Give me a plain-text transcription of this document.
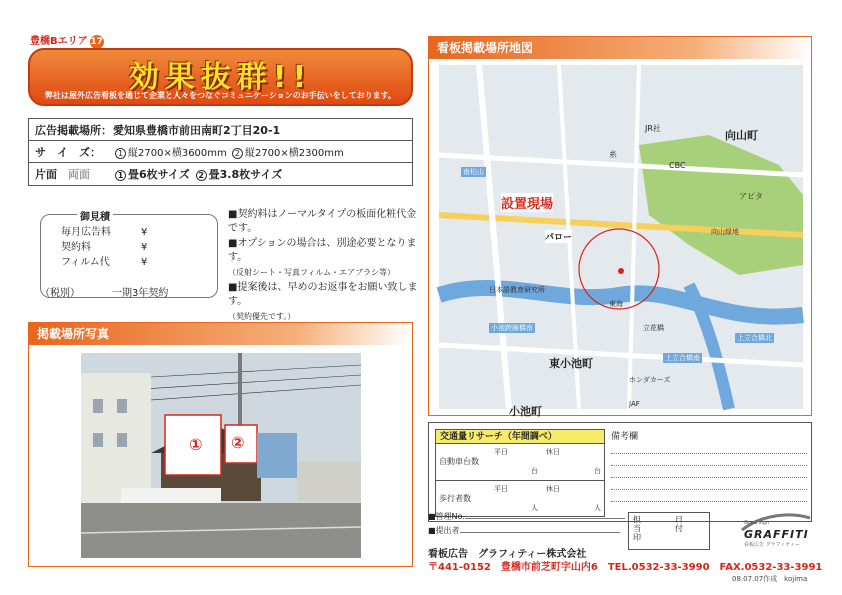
豊橋Bエリア 17
効果抜群!!
弊社は屋外広告看板を通じて企業と人々をつなぐコミュニケーションのお手伝いをしております。
広告掲載場所： 愛知県豊橋市前田南町2丁目20-1
サ　イ　ズ：	1 縦2700×横3600mm 2 縦2700×横2300mm
片面　 両面	1 畳6枚サイズ 2 畳3.8枚サイズ
御見積
毎月広告料	¥
契約料	¥
フィルム代	¥
（税別）	一期3年契約
■契約料はノーマルタイプの板面化粧代金です。
■オプションの場合は、別途必要となります。
（反射シート・写真フィルム・エアブラシ等）
■提案後は、早めのお返事をお願い致します。
（契約優先です。）
掲載場所写真
① ②
看板掲載場所地図
設置現場
向山町
東小池町
小池町
パロー
JR社
糸
CBC
アピタ
日本語教育研究所
JAF
ホンダカーズ
南松山
向山緑地
小池跨線橋南	立花橋
上立合橋北
上立合橋南
東海
交通量リサーチ（年間調べ）
自動車台数
平日	休日
台	台
歩行者数
平日	休日
人	人
備考欄
■管理No.
■提出者
担当印
日付
Good sign
GRAFFITI
看板広告 グラフィティー
看板広告　グラフィティー株式会社
〒441-0152 豊橋市前芝町字山内6 TEL.0532-33-3990 FAX.0532-33-3991
08.07.07作成　kojima
